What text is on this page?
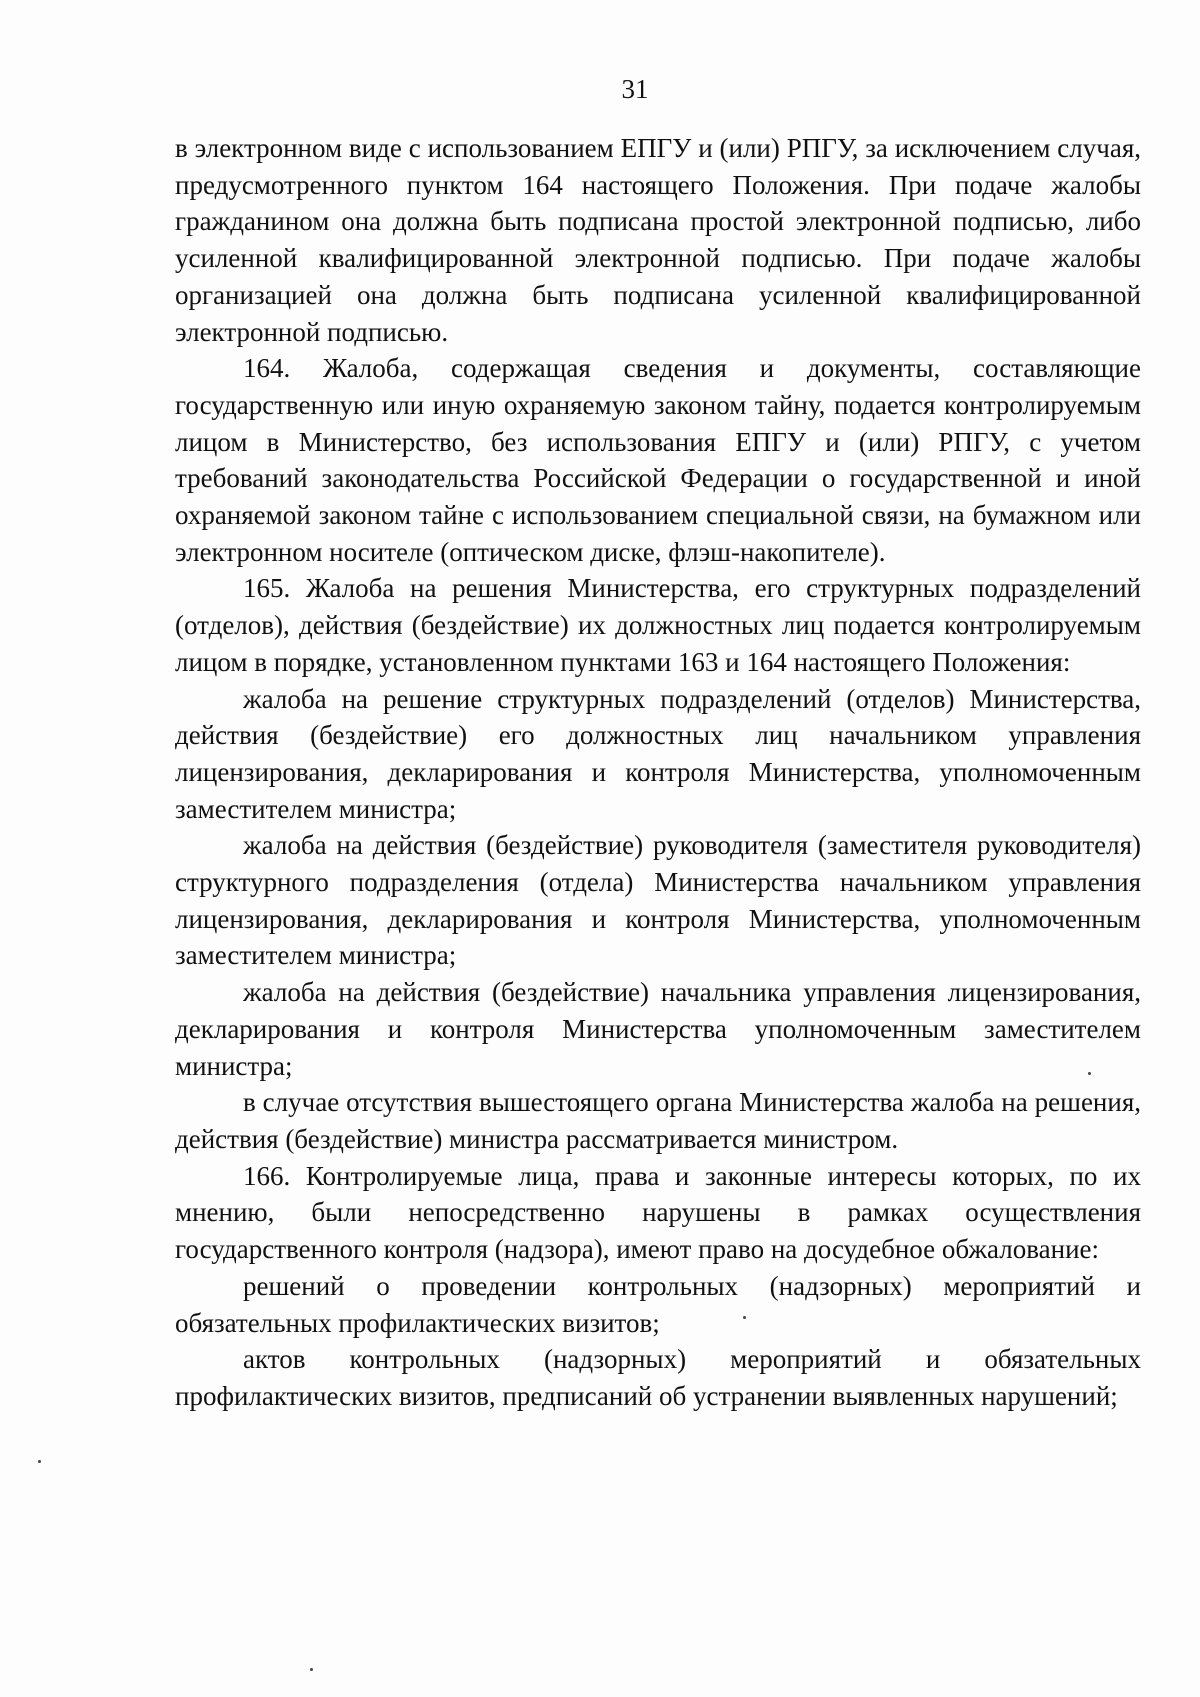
31

в электронном виде с использованием ЕПГУ и (или) РПГУ, за исключением случая, предусмотренного пунктом 164 настоящего Положения. При подаче жалобы гражданином она должна быть подписана простой электронной подписью, либо усиленной квалифицированной электронной подписью. При подаче жалобы организацией она должна быть подписана усиленной квалифицированной электронной подписью.

164. Жалоба, содержащая сведения и документы, составляющие государственную или иную охраняемую законом тайну, подается контролируемым лицом в Министерство, без использования ЕПГУ и (или) РПГУ, с учетом требований законодательства Российской Федерации о государственной и иной охраняемой законом тайне с использованием специальной связи, на бумажном или электронном носителе (оптическом диске, флэш-накопителе).

165. Жалоба на решения Министерства, его структурных подразделений (отделов), действия (бездействие) их должностных лиц подается контролируемым лицом в порядке, установленном пунктами 163 и 164 настоящего Положения:

жалоба на решение структурных подразделений (отделов) Министерства, действия (бездействие) его должностных лиц начальником управления лицензирования, декларирования и контроля Министерства, уполномоченным заместителем министра;

жалоба на действия (бездействие) руководителя (заместителя руководителя) структурного подразделения (отдела) Министерства начальником управления лицензирования, декларирования и контроля Министерства, уполномоченным заместителем министра;

жалоба на действия (бездействие) начальника управления лицензирования, декларирования и контроля Министерства уполномоченным заместителем министра;

в случае отсутствия вышестоящего органа Министерства жалоба на решения, действия (бездействие) министра рассматривается министром.

166. Контролируемые лица, права и законные интересы которых, по их мнению, были непосредственно нарушены в рамках осуществления государственного контроля (надзора), имеют право на досудебное обжалование:

решений о проведении контрольных (надзорных) мероприятий и обязательных профилактических визитов;

актов контрольных (надзорных) мероприятий и обязательных профилактических визитов, предписаний об устранении выявленных нарушений;
